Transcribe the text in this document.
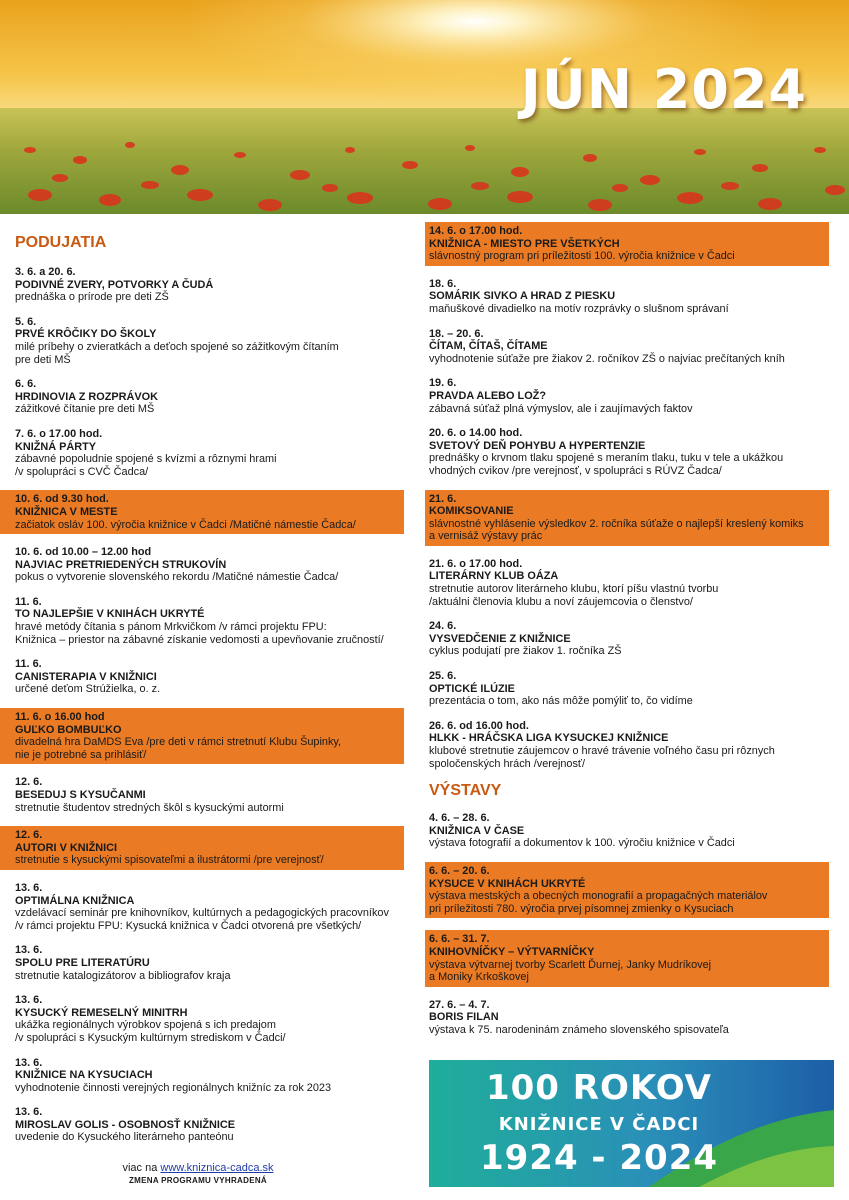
JÚN 2024
PODUJATIA
3. 6. a 20. 6.
PODIVNÉ ZVERY, POTVORKY A ČUDÁ
prednáška o prírode pre deti ZŠ
5. 6.
PRVÉ KRÔČIKY DO ŠKOLY
milé príbehy o zvieratkách a deťoch spojené so zážitkovým čítaním
pre deti MŠ
6. 6.
HRDINOVIA Z ROZPRÁVOK
zážitkové čítanie pre deti MŠ
7. 6. o 17.00 hod.
KNIŽNÁ PÁRTY
zábavné popoludnie spojené s kvízmi a rôznymi hrami
/v spolupráci s CVČ Čadca/
10. 6. od 9.30 hod.
KNIŽNICA V MESTE
začiatok osláv 100. výročia knižnice v Čadci /Matičné námestie Čadca/
10. 6. od 10.00 – 12.00 hod
NAJVIAC PRETRIEDENÝCH STRUKOVÍN
pokus o vytvorenie slovenského rekordu /Matičné námestie Čadca/
11. 6.
TO NAJLEPŠIE V KNIHÁCH UKRYTÉ
hravé metódy čítania s pánom Mrkvičkom /v rámci projektu FPU:
Knižnica – priestor na zábavné získanie vedomosti a upevňovanie zručností/
11. 6.
CANISTERAPIA V KNIŽNICI
určené deťom Strúžielka, o. z.
11. 6. o 16.00 hod
GUĽKO BOMBUĽKO
divadelná hra DaMDS Eva /pre deti v rámci stretnutí Klubu Šupinky,
nie je potrebné sa prihlásiť/
12. 6.
BESEDUJ S KYSUČANMI
stretnutie študentov stredných škôl s kysuckými autormi
12. 6.
AUTORI V KNIŽNICI
stretnutie s kysuckými spisovateľmi a ilustrátormi /pre verejnosť/
13. 6.
OPTIMÁLNA KNIŽNICA
vzdelávací seminár pre knihovníkov, kultúrnych a pedagogických pracovníkov
/v rámci projektu FPU: Kysucká knižnica v Čadci otvorená pre všetkých/
13. 6.
SPOLU PRE LITERATÚRU
stretnutie katalogizátorov a bibliografov kraja
13. 6.
KYSUCKÝ REMESELNÝ MINITRH
ukážka regionálnych výrobkov spojená s ich predajom
/v spolupráci s Kysuckým kultúrnym strediskom v Čadci/
13. 6.
KNIŽNICE NA KYSUCIACH
vyhodnotenie činnosti verejných regionálnych knižníc za rok 2023
13. 6.
MIROSLAV GOLIS - OSOBNOSŤ KNIŽNICE
uvedenie do Kysuckého literárneho panteónu
14. 6. o 17.00 hod.
KNIŽNICA - MIESTO PRE VŠETKÝCH
slávnostný program pri príležitosti 100. výročia knižnice v Čadci
18. 6.
SOMÁRIK SIVKO A HRAD Z PIESKU
maňuškové divadielko na motív rozprávky o slušnom správaní
18. – 20. 6.
ČÍTAM, ČÍTAŠ, ČÍTAME
vyhodnotenie súťaže pre žiakov 2. ročníkov ZŠ o najviac prečítaných kníh
19. 6.
PRAVDA ALEBO LOŽ?
zábavná súťaž plná výmyslov, ale i zaujímavých faktov
20. 6. o 14.00 hod.
SVETOVÝ DEŇ POHYBU A HYPERTENZIE
prednášky o krvnom tlaku spojené s meraním tlaku, tuku v tele a ukážkou
vhodných cvikov /pre verejnosť, v spolupráci s RÚVZ Čadca/
21. 6.
KOMIKSOVANIE
slávnostné vyhlásenie výsledkov 2. ročníka súťaže o najlepší kreslený komiks
a vernisáž výstavy prác
21. 6. o 17.00 hod.
LITERÁRNY KLUB OÁZA
stretnutie autorov literárneho klubu, ktorí píšu vlastnú tvorbu
/aktuálni členovia klubu a noví záujemcovia o členstvo/
24. 6.
VYSVEDČENIE Z KNIŽNICE
cyklus podujatí pre žiakov 1. ročníka ZŠ
25. 6.
OPTICKÉ ILÚZIE
prezentácia o tom, ako nás môže pomýliť to, čo vidíme
26. 6. od 16.00 hod.
HLKK - HRÁČSKA LIGA KYSUCKEJ KNIŽNICE
klubové stretnutie záujemcov o hravé trávenie voľného času pri rôznych
spoločenských hrách /verejnosť/
VÝSTAVY
4. 6. – 28. 6.
KNIŽNICA V ČASE
výstava fotografií a dokumentov k 100. výročiu knižnice v Čadci
6. 6. – 20. 6.
KYSUCE V KNIHÁCH UKRYTÉ
výstava mestských a obecných monografií a propagačných materiálov
pri príležitosti 780. výročia prvej písomnej zmienky o Kysuciach
6. 6. – 31. 7.
KNIHOVNÍČKY – VÝTVARNÍČKY
výstava výtvarnej tvorby Scarlett Ďurnej, Janky Mudríkovej
a Moniky Krkoškovej
27. 6. – 4. 7.
BORIS FILAN
výstava k 75. narodeninám známeho slovenského spisovateľa
viac na www.kniznica-cadca.sk
ZMENA PROGRAMU VYHRADENÁ
100 ROKOV
KNIŽNICE V ČADCI
1924 - 2024
